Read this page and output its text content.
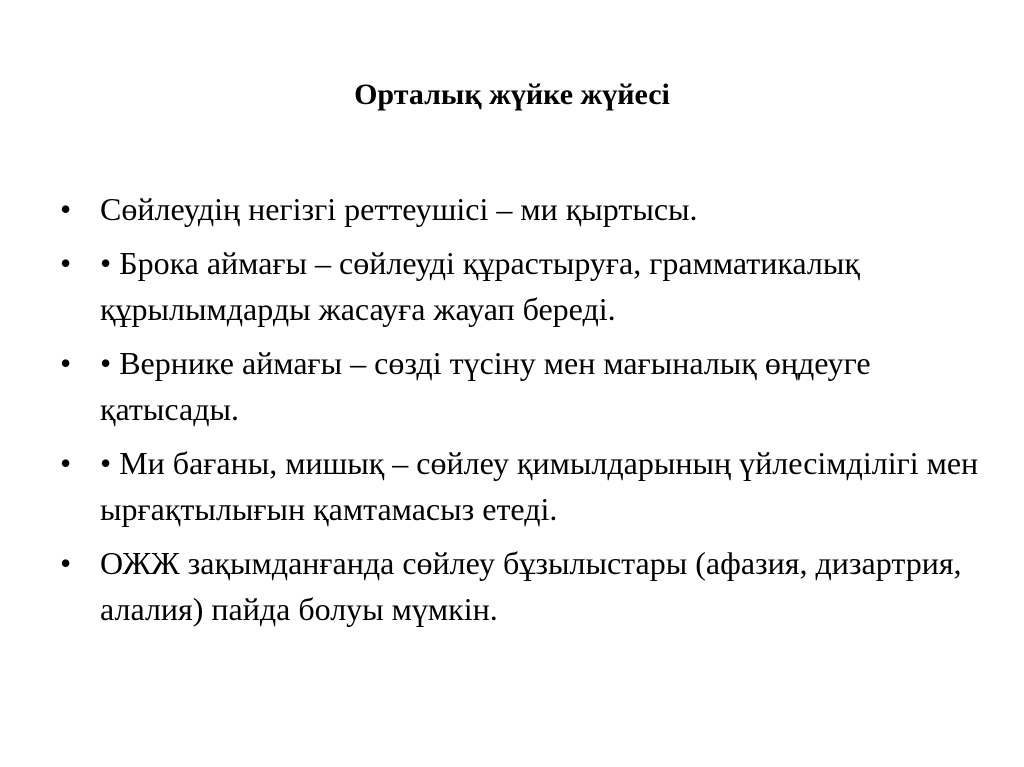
Орталық жүйке жүйесі
• Сөйлеудің негізгі реттеушісі – ми қыртысы.
• • Брока аймағы – сөйлеуді құрастыруға, грамматикалық құрылымдарды жасауға жауап береді.
• • Вернике аймағы – сөзді түсіну мен мағыналық өңдеуге қатысады.
• • Ми бағаны, мишық – сөйлеу қимылдарының үйлесімділігі мен ырғақтылығын қамтамасыз етеді.
• ОЖЖ зақымданғанда сөйлеу бұзылыстары (афазия, дизартрия, алалия) пайда болуы мүмкін.
